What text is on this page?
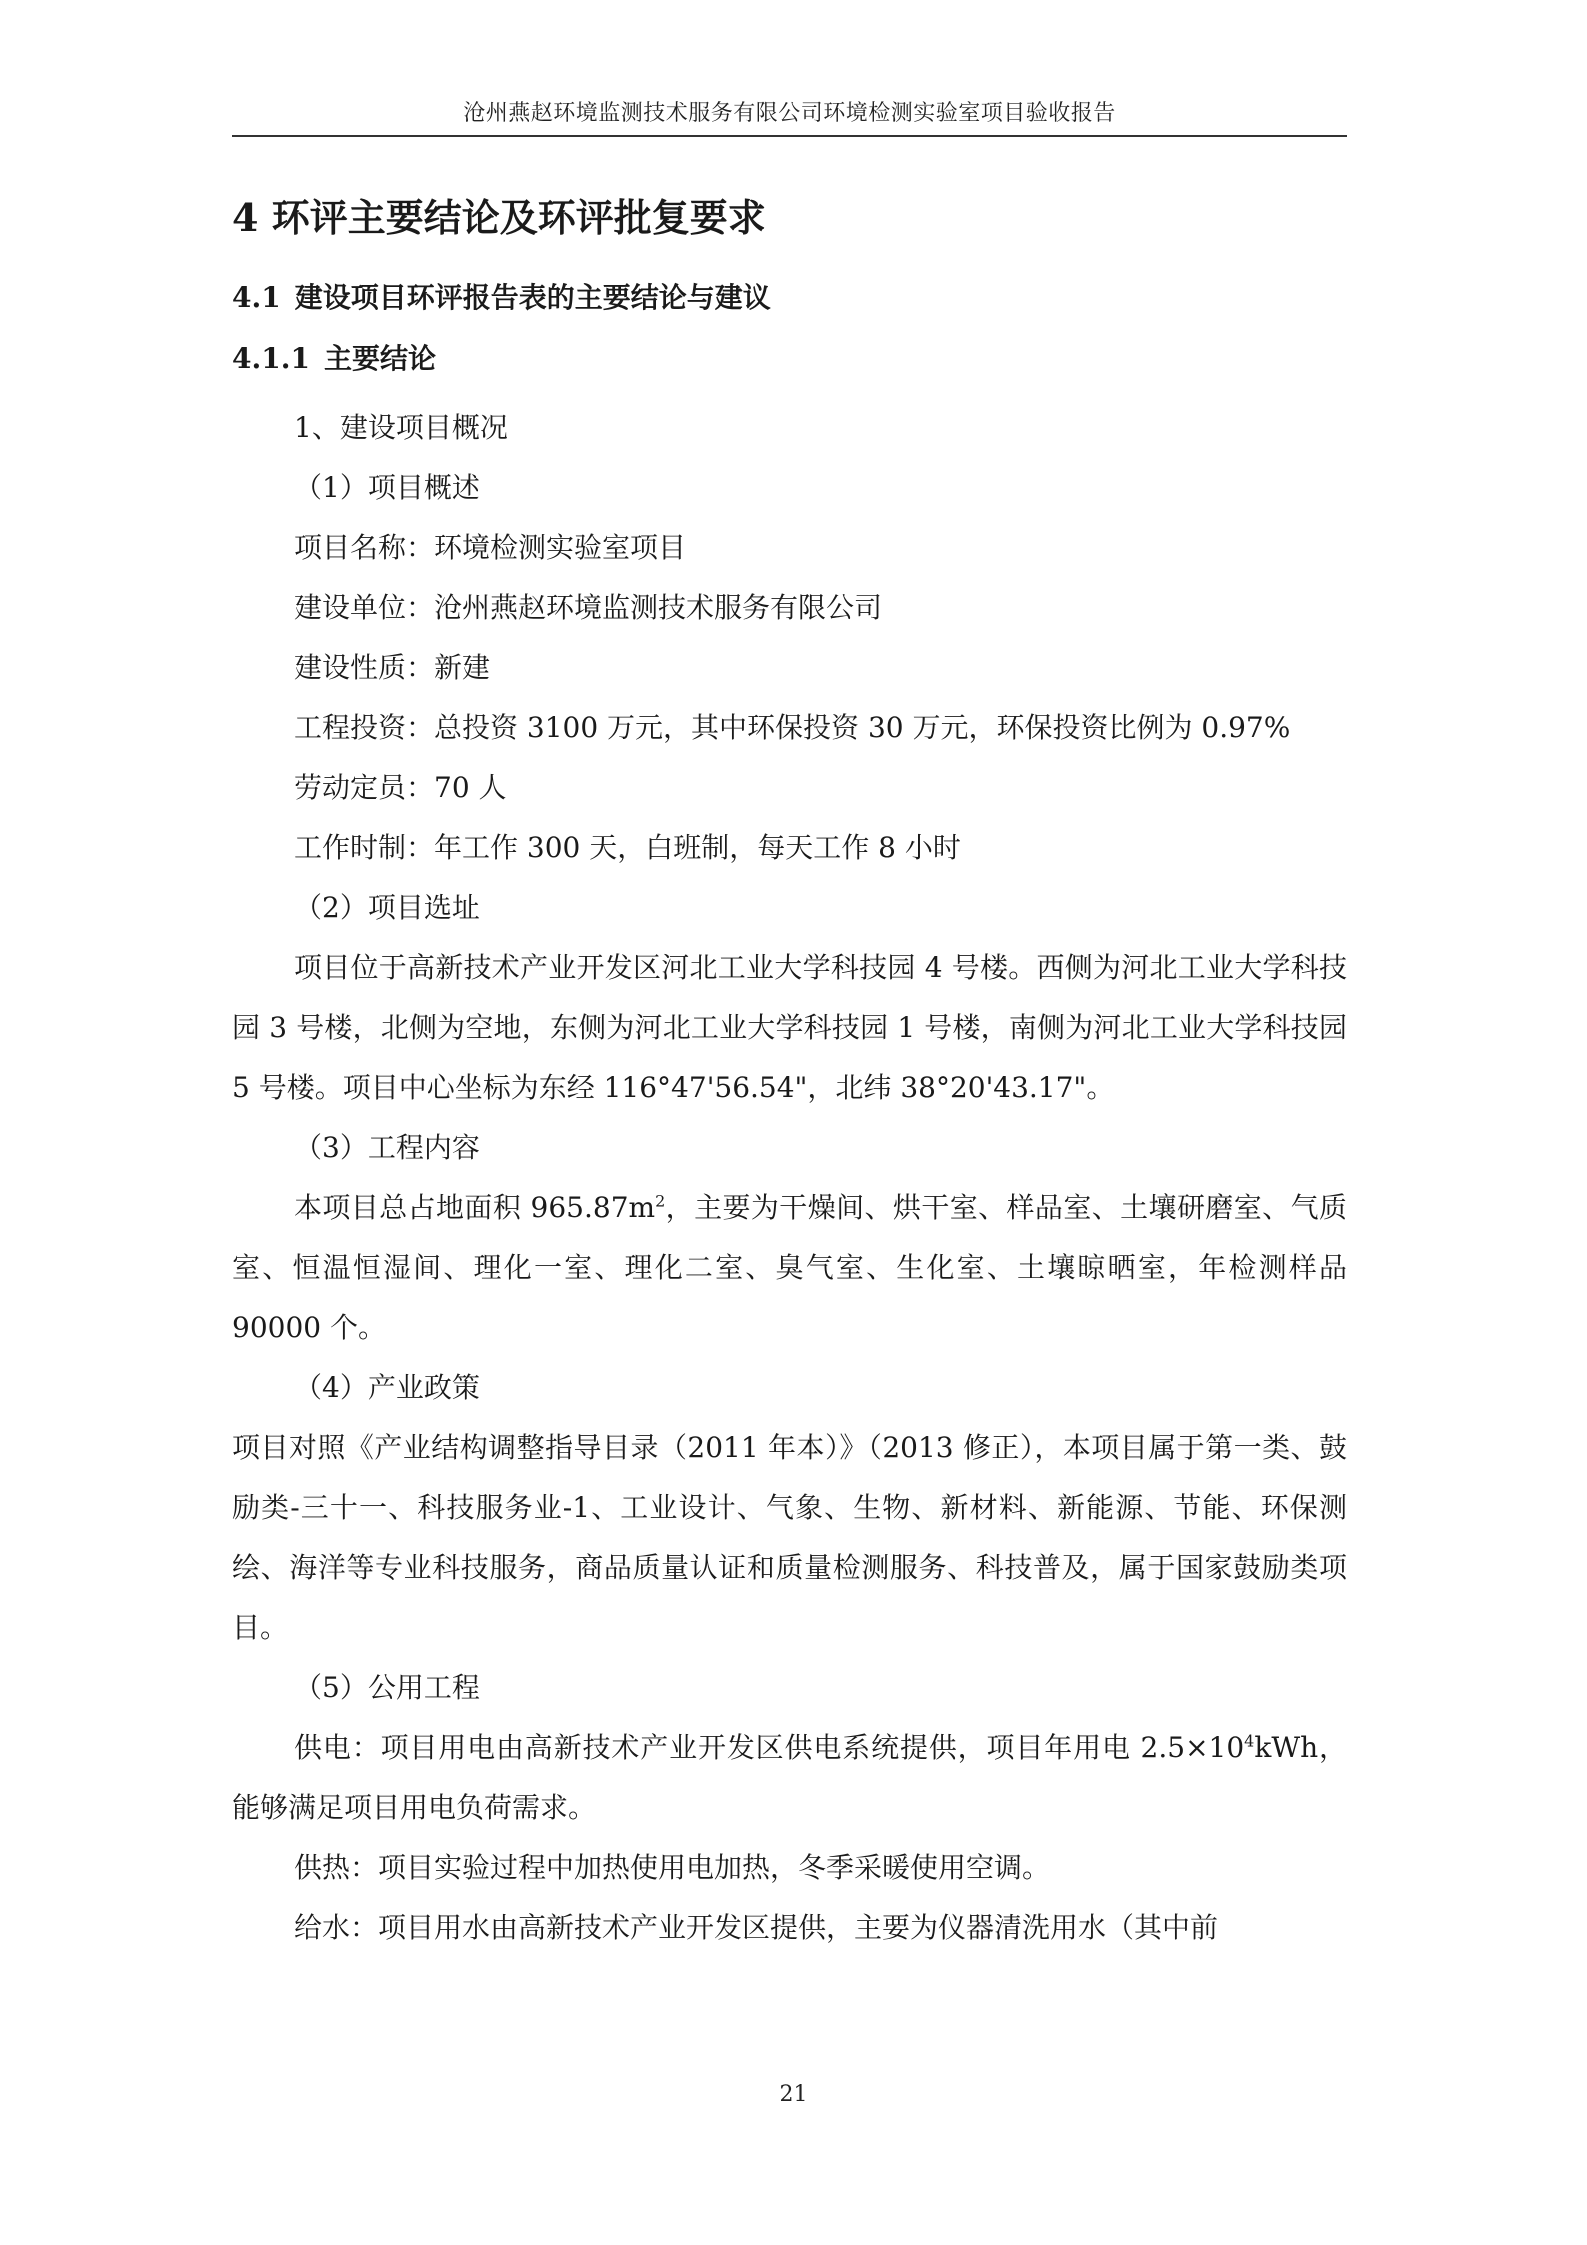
沧州燕赵环境监测技术服务有限公司环境检测实验室项目验收报告
4 环评主要结论及环评批复要求
4.1 建设项目环评报告表的主要结论与建议
4.1.1 主要结论

1、建设项目概况

（1）项目概述

项目名称：环境检测实验室项目

建设单位：沧州燕赵环境监测技术服务有限公司

建设性质：新建

工程投资：总投资 3100 万元，其中环保投资 30 万元，环保投资比例为 0.97%

劳动定员：70 人

工作时制：年工作 300 天，白班制，每天工作 8 小时

（2）项目选址

项目位于高新技术产业开发区河北工业大学科技园 4 号楼。西侧为河北工业大学科技园 3 号楼，北侧为空地，东侧为河北工业大学科技园 1 号楼，南侧为河北工业大学科技园 5 号楼。项目中心坐标为东经 116°47'56.54"，北纬 38°20'43.17"。

（3）工程内容

本项目总占地面积 $965.87m^2$，主要为干燥间、烘干室、样品室、土壤研磨室、气质室、恒温恒湿间、理化一室、理化二室、臭气室、生化室、土壤晾晒室，年检测样品 90000 个。

（4）产业政策

项目对照《产业结构调整指导目录（2011 年本）》（2013 修正），本项目属于第一类、鼓励类-三十一、科技服务业-1、工业设计、气象、生物、新材料、新能源、节能、环保测绘、海洋等专业科技服务，商品质量认证和质量检测服务、科技普及，属于国家鼓励类项目。

（5）公用工程

供电：项目用电由高新技术产业开发区供电系统提供，项目年用电 $2.5\times 10^4kWh$，能够满足项目用电负荷需求。

供热：项目实验过程中加热使用电加热，冬季采暖使用空调。

给水：项目用水由高新技术产业开发区提供，主要为仪器清洗用水（其中前

21
